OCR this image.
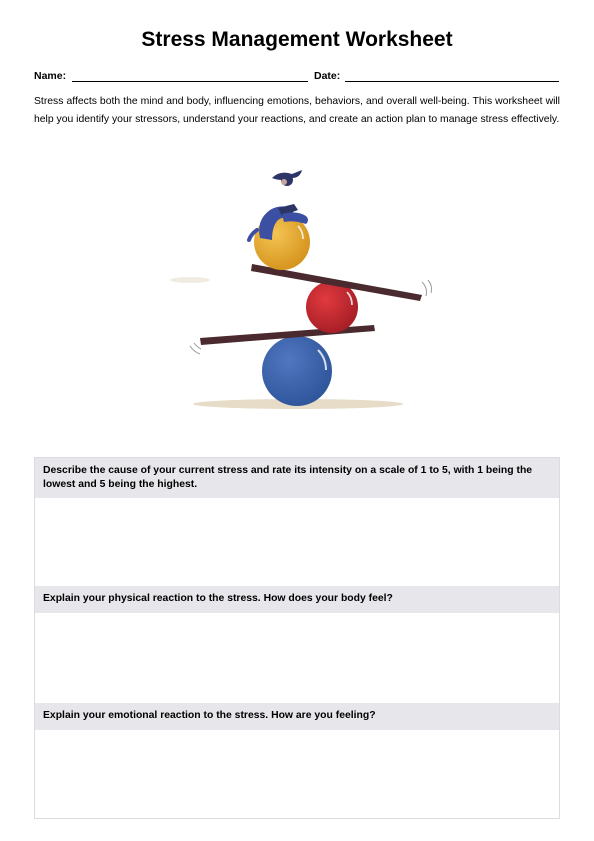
Stress Management Worksheet
Name:	Date:
Stress affects both the mind and body, influencing emotions, behaviors, and overall well-being. This worksheet will help you identify your stressors, understand your reactions, and create an action plan to manage stress effectively.
Describe the cause of your current stress and rate its intensity on a scale of 1 to 5, with 1 being the lowest and 5 being the highest.
Explain your physical reaction to the stress. How does your body feel?
Explain your emotional reaction to the stress. How are you feeling?
